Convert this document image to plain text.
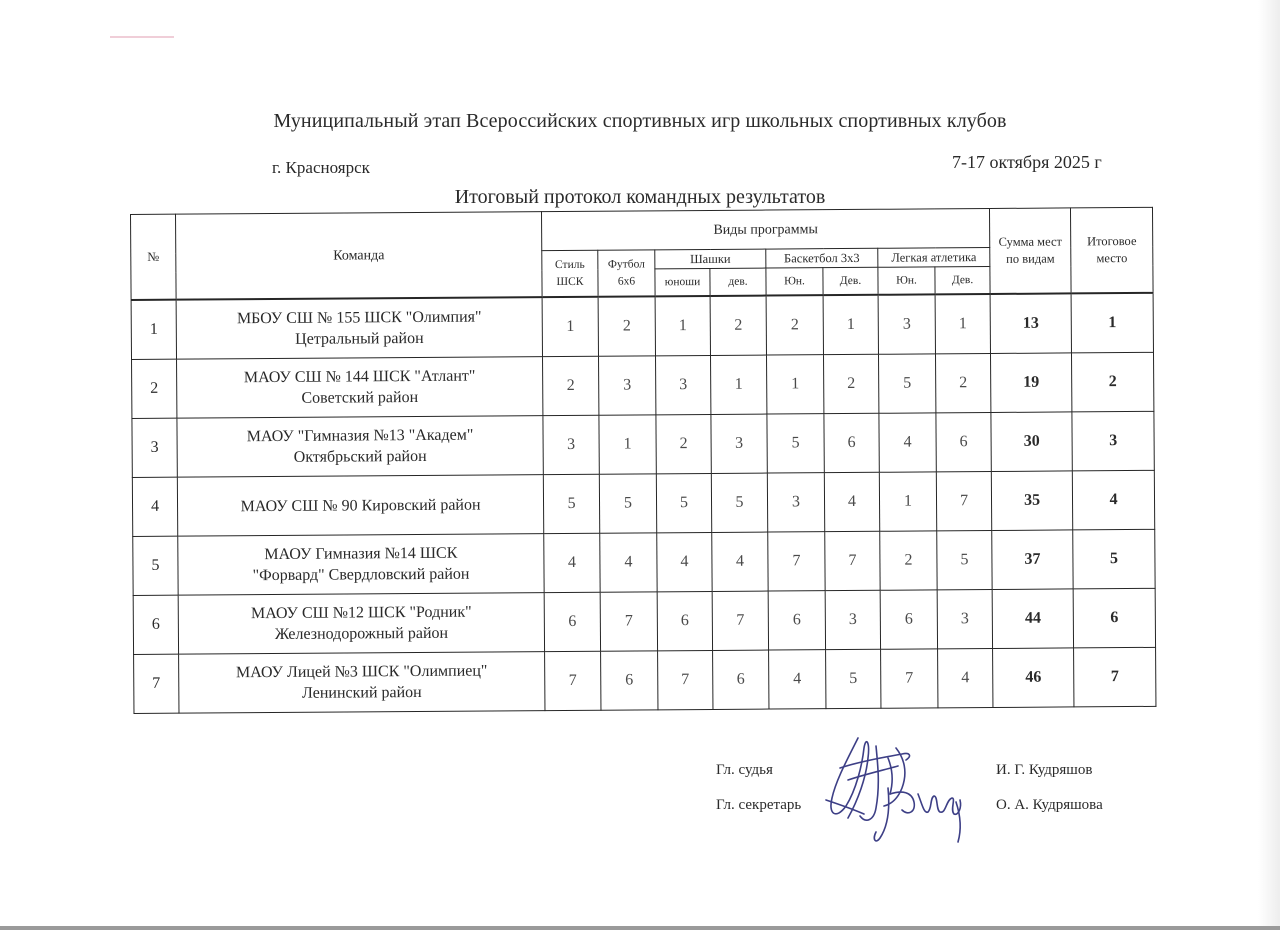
Муниципальный этап Всероссийских спортивных игр школьных спортивных клубов
г. Красноярск	7-17 октября 2025 г
Итоговый протокол командных результатов
№	Команда	Виды программы								Сумма мест по видам	Итоговое место
		Стиль ШСК	Футбол 6х6	Шашки		Баскетбол 3х3		Легкая атлетика			
				юноши	дев.	Юн.	Дев.	Юн.	Дев.		
1	МБОУ СШ № 155 ШСК "Олимпия"
Цетральный район	1	2	1	2	2	1	3	1	13	1
2	МАОУ СШ № 144 ШСК "Атлант"
Советский район	2	3	3	1	1	2	5	2	19	2
3	МАОУ "Гимназия №13 "Академ"
Октябрьский район	3	1	2	3	5	6	4	6	30	3
4	МАОУ СШ № 90 Кировский район	5	5	5	5	3	4	1	7	35	4
5	МАОУ Гимназия №14 ШСК
"Форвард" Свердловский район	4	4	4	4	7	7	2	5	37	5
6	МАОУ СШ №12 ШСК "Родник"
Железнодорожный район	6	7	6	7	6	3	6	3	44	6
7	МАОУ Лицей №3 ШСК "Олимпиец"
Ленинский район	7	6	7	6	4	5	7	4	46	7
Гл. судья	И. Г. Кудряшов
Гл. секретарь	О. А. Кудряшова
